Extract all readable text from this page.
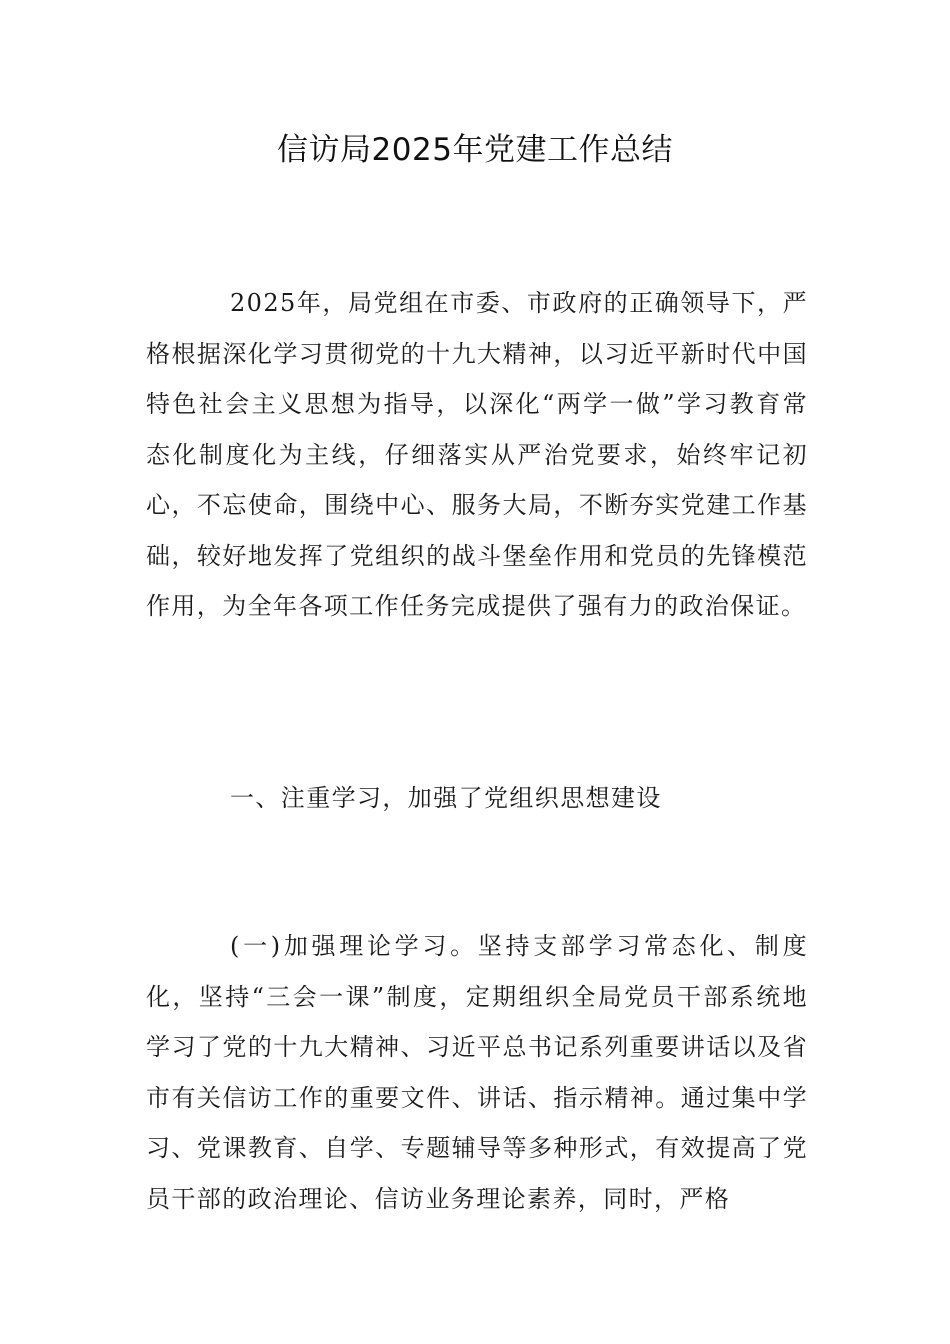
信访局2025年党建工作总结

2025年，局党组在市委、市政府的正确领导下，严格根据深化学习贯彻党的十九大精神，以习近平新时代中国特色社会主义思想为指导，以深化“两学一做”学习教育常态化制度化为主线，仔细落实从严治党要求，始终牢记初心，不忘使命，围绕中心、服务大局，不断夯实党建工作基础，较好地发挥了党组织的战斗堡垒作用和党员的先锋模范作用，为全年各项工作任务完成提供了强有力的政治保证。

一、注重学习，加强了党组织思想建设

(一)加强理论学习。坚持支部学习常态化、制度化，坚持“三会一课”制度，定期组织全局党员干部系统地学习了党的十九大精神、习近平总书记系列重要讲话以及省市有关信访工作的重要文件、讲话、指示精神。通过集中学习、党课教育、自学、专题辅导等多种形式，有效提高了党员干部的政治理论、信访业务理论素养，同时，严格
